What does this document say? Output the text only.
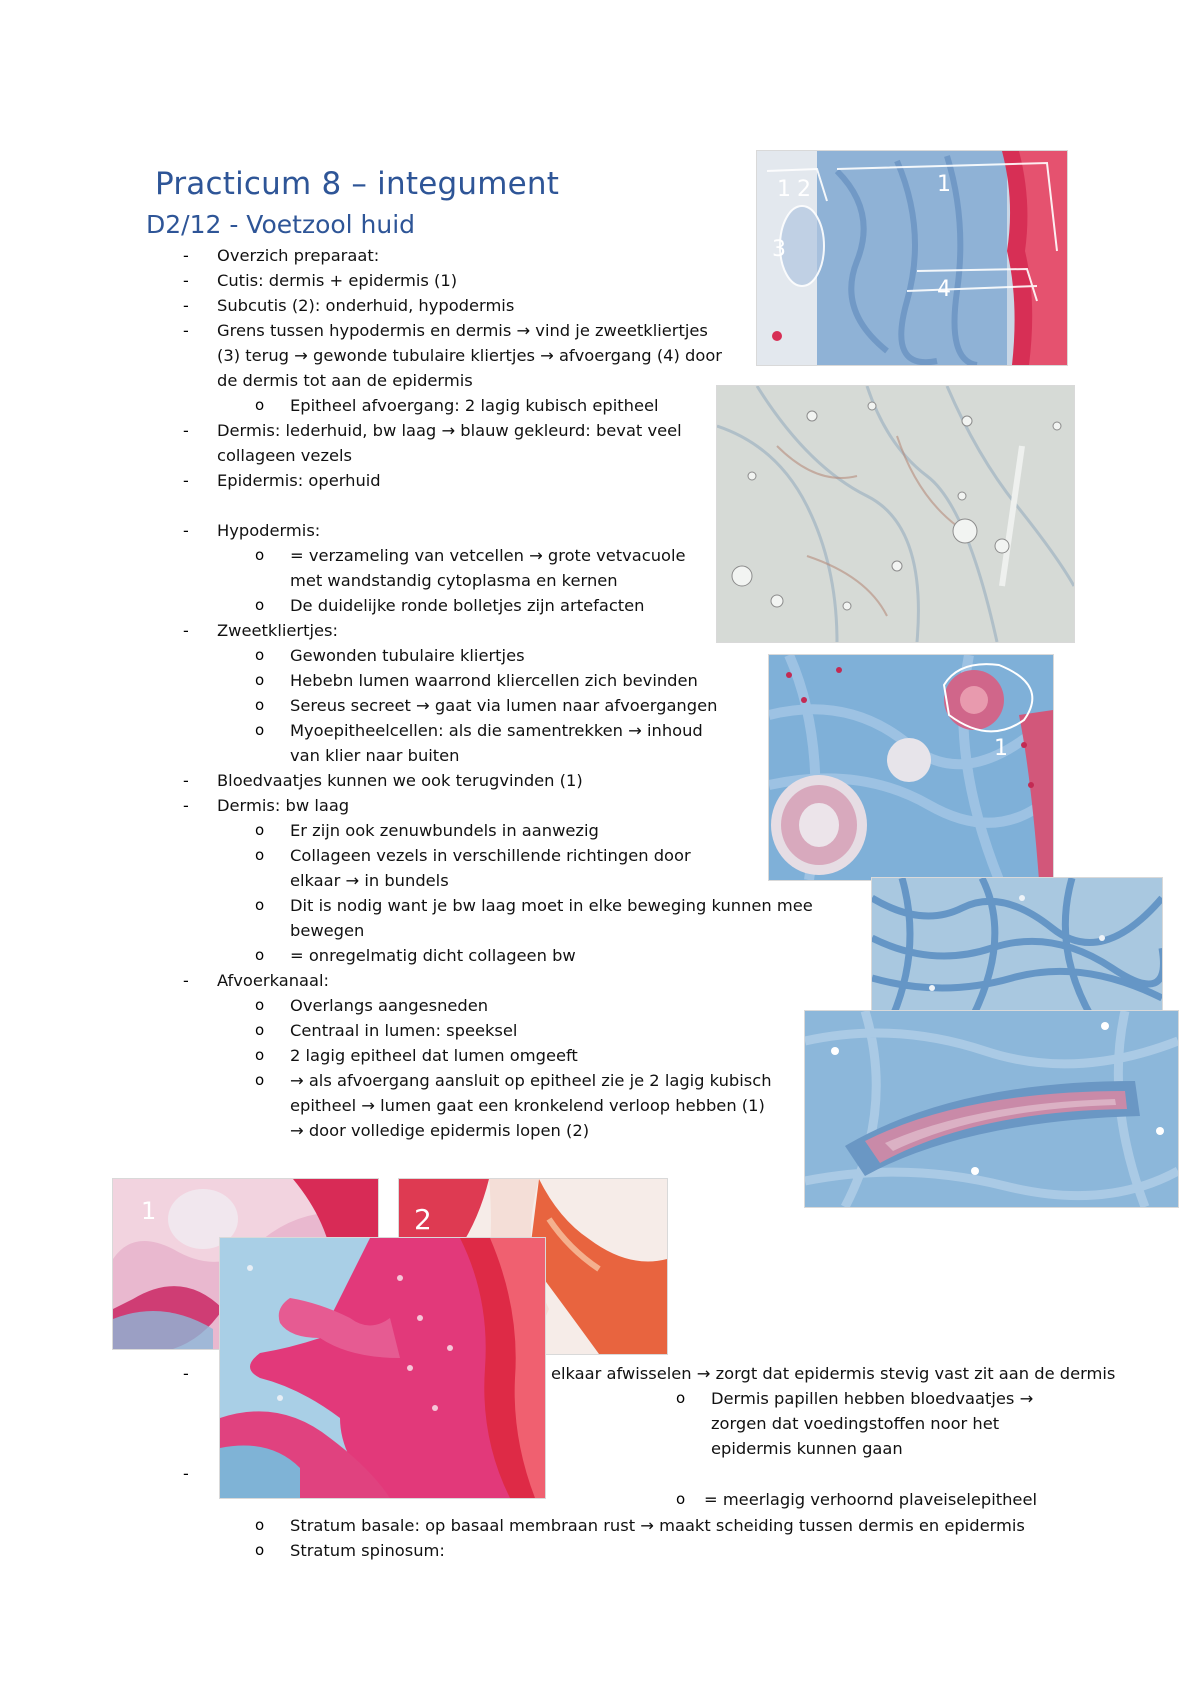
Practicum 8 – integument
D2/12 - Voetzool huid
1	1
2
3
4
1
1	2
- Overzich preparaat:
- Cutis: dermis + epidermis (1)
- Subcutis (2): onderhuid, hypodermis
- Grens tussen hypodermis en dermis → vind je zweetkliertjes
(3) terug → gewonde tubulaire kliertjes → afvoergang (4) door
de dermis tot aan de epidermis
o Epitheel afvoergang: 2 lagig kubisch epitheel
- Dermis: lederhuid, bw laag → blauw gekleurd: bevat veel
collageen vezels
- Epidermis: operhuid
- Hypodermis:
o = verzameling van vetcellen → grote vetvacuole
met wandstandig cytoplasma en kernen
o De duidelijke ronde bolletjes zijn artefacten
- Zweetkliertjes:
o Gewonden tubulaire kliertjes
o Hebebn lumen waarrond kliercellen zich bevinden
o Sereus secreet → gaat via lumen naar afvoergangen
o Myoepitheelcellen: als die samentrekken → inhoud
van klier naar buiten
- Bloedvaatjes kunnen we ook terugvinden (1)
- Dermis: bw laag
o Er zijn ook zenuwbundels in aanwezig
o Collageen vezels in verschillende richtingen door
elkaar → in bundels
o Dit is nodig want je bw laag moet in elke beweging kunnen mee
bewegen
o = onregelmatig dicht collageen bw
- Afvoerkanaal:
o Overlangs aangesneden
o Centraal in lumen: speeksel
o 2 lagig epitheel dat lumen omgeeft
o → als afvoergang aansluit op epitheel zie je 2 lagig kubisch
epitheel → lumen gaat een kronkelend verloop hebben (1)
→ door volledige epidermis lopen (2)
-	elkaar afwisselen → zorgt dat epidermis stevig vast zit aan de dermis
o Dermis papillen hebben bloedvaatjes →
zorgen dat voedingstoffen noor het
epidermis kunnen gaan
-
o = meerlagig verhoornd plaveiselepitheel
o Stratum basale: op basaal membraan rust → maakt scheiding tussen dermis en epidermis
o Stratum spinosum:
